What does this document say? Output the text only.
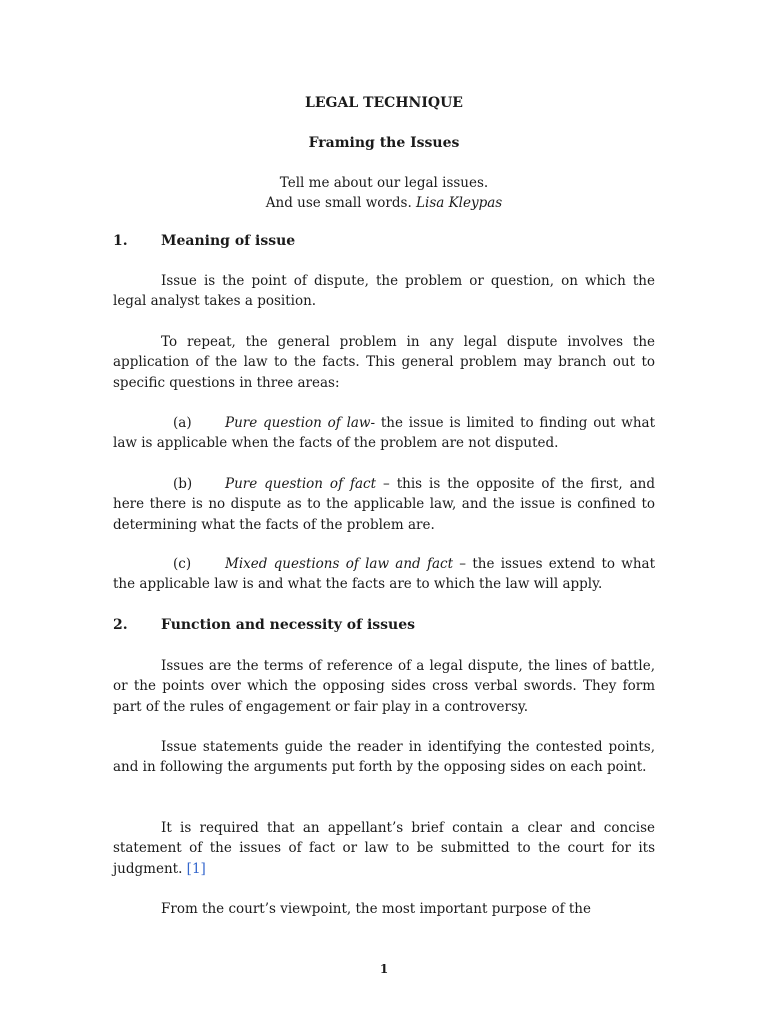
LEGAL TECHNIQUE
Framing the Issues
Tell me about our legal issues.
And use small words. Lisa Kleypas
1. Meaning of issue

Issue is the point of dispute, the problem or question, on which the legal analyst takes a position.

To repeat, the general problem in any legal dispute involves the application of the law to the facts. This general problem may branch out to specific questions in three areas:

(a) Pure question of law- the issue is limited to finding out what law is applicable when the facts of the problem are not disputed.

(b) Pure question of fact – this is the opposite of the first, and here there is no dispute as to the applicable law, and the issue is confined to determining what the facts of the problem are.

(c)	Mixed questions of law and fact – the issues extend to what the applicable law is and what the facts are to which the law will apply.

2. Function and necessity of issues

Issues are the terms of reference of a legal dispute, the lines of battle, or the points over which the opposing sides cross verbal swords. They form part of the rules of engagement or fair play in a controversy.

Issue statements guide the reader in identifying the contested points, and in following the arguments put forth by the opposing sides on each point.

It is required that an appellant’s brief contain a clear and concise statement of the issues of fact or law to be submitted to the court for its judgment. [1]

From the court’s viewpoint, the most important purpose of the

1
